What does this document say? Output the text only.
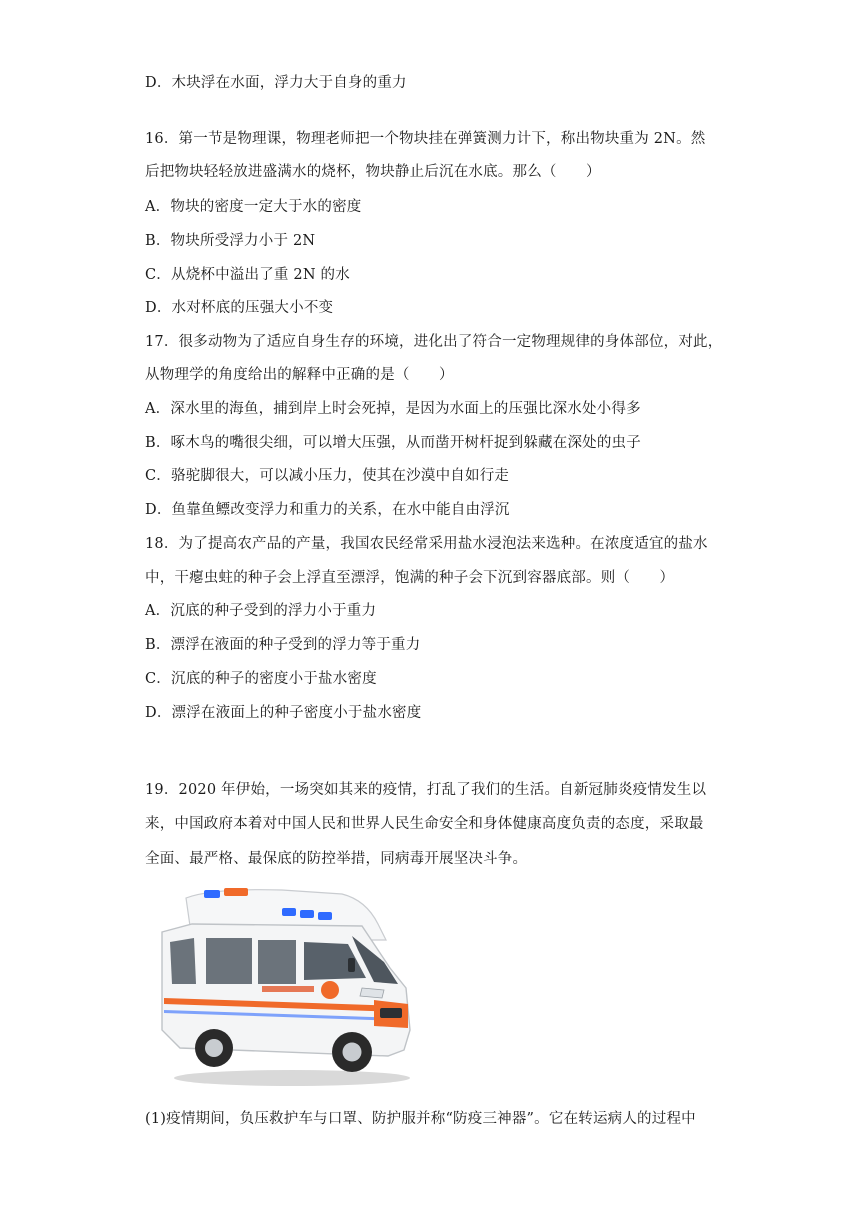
D．木块浮在水面，浮力大于自身的重力
16．第一节是物理课，物理老师把一个物块挂在弹簧测力计下，称出物块重为 2N。然
后把物块轻轻放进盛满水的烧杯，物块静止后沉在水底。那么（　　）
A．物块的密度一定大于水的密度
B．物块所受浮力小于 2N
C．从烧杯中溢出了重 2N 的水
D．水对杯底的压强大小不变
17．很多动物为了适应自身生存的环境，进化出了符合一定物理规律的身体部位，对此，
从物理学的角度给出的解释中正确的是（　　）
A．深水里的海鱼，捕到岸上时会死掉，是因为水面上的压强比深水处小得多
B．啄木鸟的嘴很尖细，可以增大压强，从而凿开树杆捉到躲藏在深处的虫子
C．骆驼脚很大，可以减小压力，使其在沙漠中自如行走
D．鱼靠鱼鳔改变浮力和重力的关系，在水中能自由浮沉
18．为了提高农产品的产量，我国农民经常采用盐水浸泡法来选种。在浓度适宜的盐水
中，干瘪虫蛀的种子会上浮直至漂浮，饱满的种子会下沉到容器底部。则（　　）
A．沉底的种子受到的浮力小于重力
B．漂浮在液面的种子受到的浮力等于重力
C．沉底的种子的密度小于盐水密度
D．漂浮在液面上的种子密度小于盐水密度
19．2020 年伊始，一场突如其来的疫情，打乱了我们的生活。自新冠肺炎疫情发生以
来，中国政府本着对中国人民和世界人民生命安全和身体健康高度负责的态度，采取最
全面、最严格、最保底的防控举措，同病毒开展坚决斗争。
(1)疫情期间，负压救护车与口罩、防护服并称“防疫三神器”。它在转运病人的过程中
